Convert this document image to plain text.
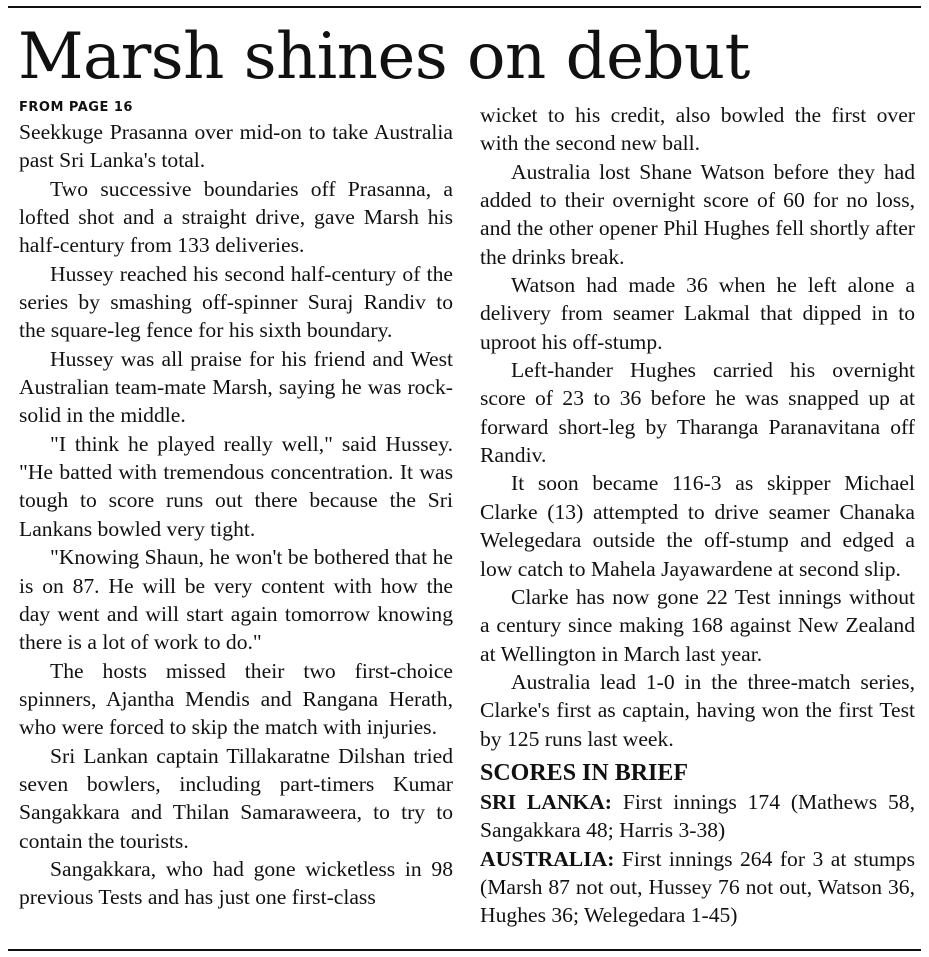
Marsh shines on debut
FROM PAGE 16

Seekkuge Prasanna over mid-on to take Australia past Sri Lanka's total.

Two successive boundaries off Prasanna, a lofted shot and a straight drive, gave Marsh his half-century from 133 deliveries.

Hussey reached his second half-century of the series by smashing off-spinner Suraj Randiv to the square-leg fence for his sixth boundary.

Hussey was all praise for his friend and West Australian team-mate Marsh, saying he was rock-solid in the middle.

"I think he played really well," said Hussey. "He batted with tremendous concentration. It was tough to score runs out there because the Sri Lankans bowled very tight.

"Knowing Shaun, he won't be bothered that he is on 87. He will be very content with how the day went and will start again tomorrow knowing there is a lot of work to do."

The hosts missed their two first-choice spinners, Ajantha Mendis and Rangana Herath, who were forced to skip the match with injuries.

Sri Lankan captain Tillakaratne Dilshan tried seven bowlers, including part-timers Kumar Sangakkara and Thilan Samaraweera, to try to contain the tourists.

Sangakkara, who had gone wicketless in 98 previous Tests and has just one first-class

wicket to his credit, also bowled the first over with the second new ball.

Australia lost Shane Watson before they had added to their overnight score of 60 for no loss, and the other opener Phil Hughes fell shortly after the drinks break.

Watson had made 36 when he left alone a delivery from seamer Lakmal that dipped in to uproot his off-stump.

Left-hander Hughes carried his overnight score of 23 to 36 before he was snapped up at forward short-leg by Tharanga Paranavitana off Randiv.

It soon became 116-3 as skipper Michael Clarke (13) attempted to drive seamer Chanaka Welegedara outside the off-stump and edged a low catch to Mahela Jayawardene at second slip.

Clarke has now gone 22 Test innings without a century since making 168 against New Zealand at Wellington in March last year.

Australia lead 1-0 in the three-match series, Clarke's first as captain, having won the first Test by 125 runs last week.

SCORES IN BRIEF

SRI LANKA: First innings 174 (Mathews 58, Sangakkara 48; Harris 3-38)

AUSTRALIA: First innings 264 for 3 at stumps (Marsh 87 not out, Hussey 76 not out, Watson 36, Hughes 36; Welegedara 1-45)
